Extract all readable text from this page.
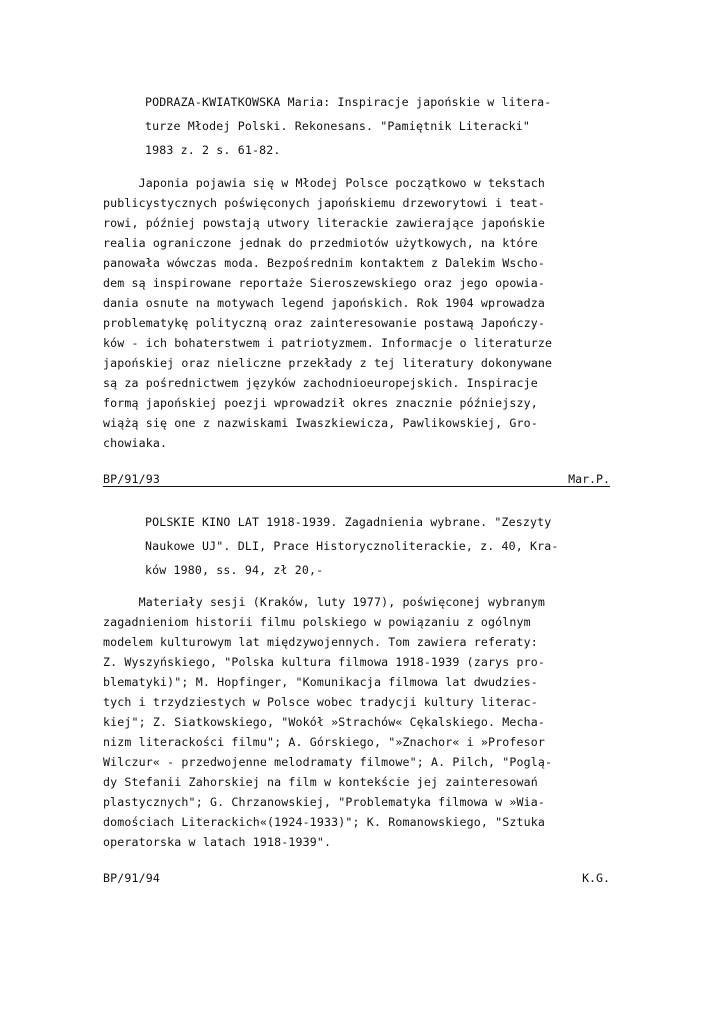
PODRAZA-KWIATKOWSKA Maria: Inspiracje japońskie w litera-
turze Młodej Polski. Rekonesans. "Pamiętnik Literacki"
1983 z. 2 s. 61-82.
Japonia pojawia się w Młodej Polsce początkowo w tekstach
publicystycznych poświęconych japońskiemu drzeworytowi i teat-
rowi, później powstają utwory literackie zawierające japońskie
realia ograniczone jednak do przedmiotów użytkowych, na które
panowała wówczas moda. Bezpośrednim kontaktem z Dalekim Wscho-
dem są inspirowane reportaże Sieroszewskiego oraz jego opowia-
dania osnute na motywach legend japońskich. Rok 1904 wprowadza
problematykę polityczną oraz zainteresowanie postawą Japończy-
ków - ich bohaterstwem i patriotyzmem. Informacje o literaturze
japońskiej oraz nieliczne przekłady z tej literatury dokonywane
są za pośrednictwem języków zachodnioeuropejskich. Inspiracje
formą japońskiej poezji wprowadził okres znacznie późniejszy,
wiążą się one z nazwiskami Iwaszkiewicza, Pawlikowskiej, Gro-
chowiaka.
BP/91/93	Mar.P.
POLSKIE KINO LAT 1918-1939. Zagadnienia wybrane. "Zeszyty
Naukowe UJ". DLI, Prace Historycznoliterackie, z. 40, Kra-
ków 1980, ss. 94, zł 20,-
Materiały sesji (Kraków, luty 1977), poświęconej wybranym
zagadnieniom historii filmu polskiego w powiązaniu z ogólnym
modelem kulturowym lat międzywojennych. Tom zawiera referaty:
Z. Wyszyńskiego, "Polska kultura filmowa 1918-1939 (zarys pro-
blematyki)"; M. Hopfinger, "Komunikacja filmowa lat dwudzies-
tych i trzydziestych w Polsce wobec tradycji kultury literac-
kiej"; Z. Siatkowskiego, "Wokół »Strachów« Cękalskiego. Mecha-
nizm literackości filmu"; A. Górskiego, "»Znachor« i »Profesor
Wilczur« - przedwojenne melodramaty filmowe"; A. Pilch, "Poglą-
dy Stefanii Zahorskiej na film w kontekście jej zainteresowań
plastycznych"; G. Chrzanowskiej, "Problematyka filmowa w »Wia-
domościach Literackich«(1924-1933)"; K. Romanowskiego, "Sztuka
operatorska w latach 1918-1939".
BP/91/94	K.G.
